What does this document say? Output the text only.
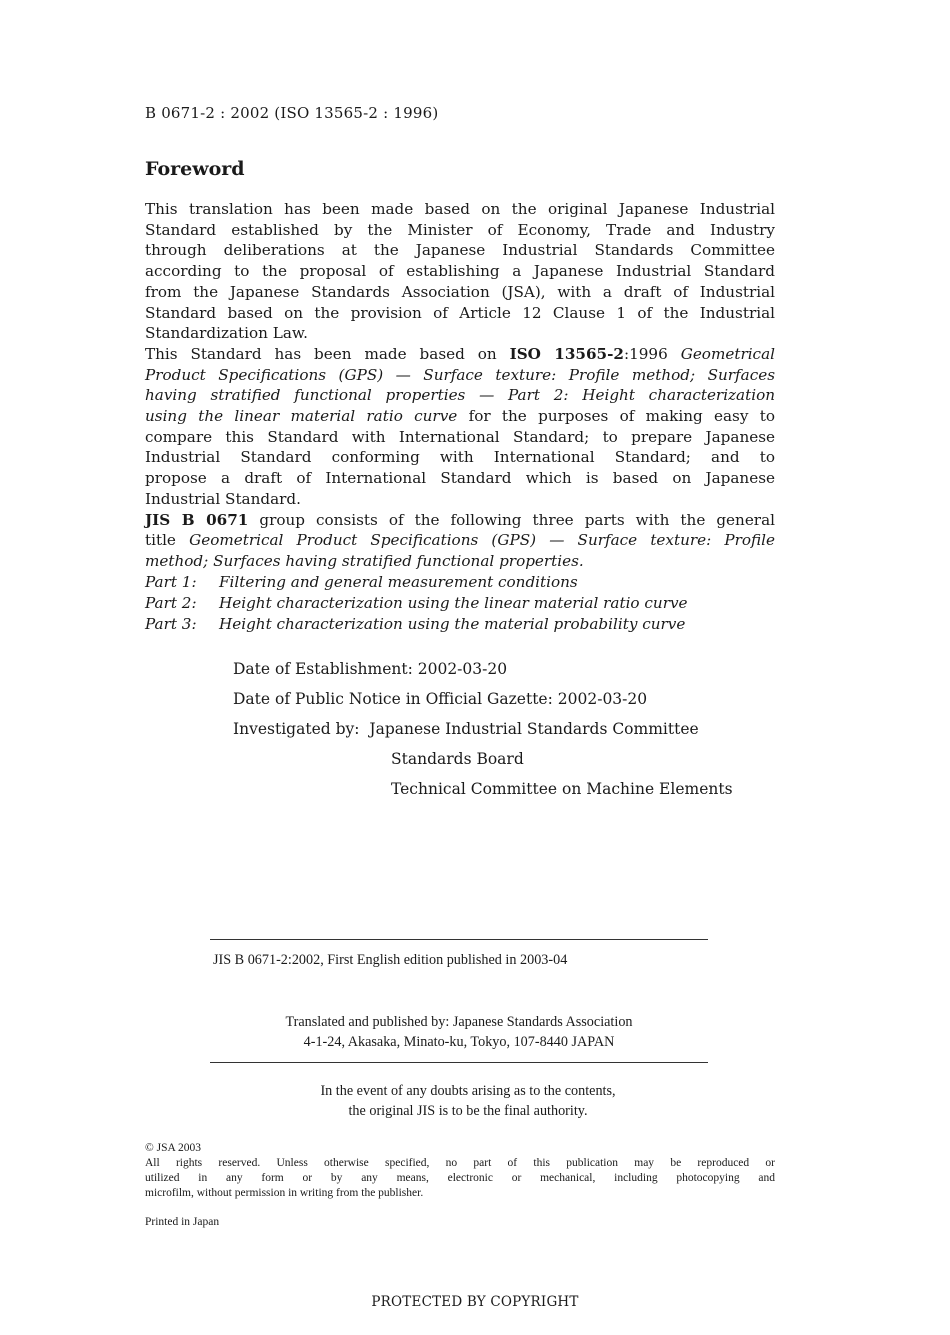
B 0671-2 : 2002 (ISO 13565-2 : 1996)
Foreword

This translation has been made based on the original Japanese Industrial
Standard established by the Minister of Economy, Trade and Industry
through deliberations at the Japanese Industrial Standards Committee
according to the proposal of establishing a Japanese Industrial Standard
from the Japanese Standards Association (JSA), with a draft of Industrial
Standard based on the provision of Article 12 Clause 1 of the Industrial
Standardization Law.

This Standard has been made based on ISO 13565-2:1996 Geometrical
Product Specifications (GPS) — Surface texture: Profile method; Surfaces
having stratified functional properties — Part 2: Height characterization
using the linear material ratio curve for the purposes of making easy to
compare this Standard with International Standard; to prepare Japanese
Industrial Standard conforming with International Standard; and to
propose a draft of International Standard which is based on Japanese
Industrial Standard.

JIS B 0671 group consists of the following three parts with the general
title Geometrical Product Specifications (GPS) — Surface texture: Profile
method; Surfaces having stratified functional properties.

Part 1:	Filtering and general measurement conditions
Part 2:	Height characterization using the linear material ratio curve
Part 3:	Height characterization using the material probability curve
Date of Establishment: 2002-03-20
Date of Public Notice in Official Gazette: 2002-03-20
Investigated by: Japanese Industrial Standards Committee
Standards Board
Technical Committee on Machine Elements
JIS B 0671-2:2002, First English edition published in 2003-04
Translated and published by: Japanese Standards Association
4-1-24, Akasaka, Minato-ku, Tokyo, 107-8440 JAPAN
In the event of any doubts arising as to the contents,
the original JIS is to be the final authority.
© JSA 2003
All rights reserved. Unless otherwise specified, no part of this publication may be reproduced or
utilized in any form or by any means, electronic or mechanical, including photocopying and
microfilm, without permission in writing from the publisher.
Printed in Japan
PROTECTED BY COPYRIGHT
